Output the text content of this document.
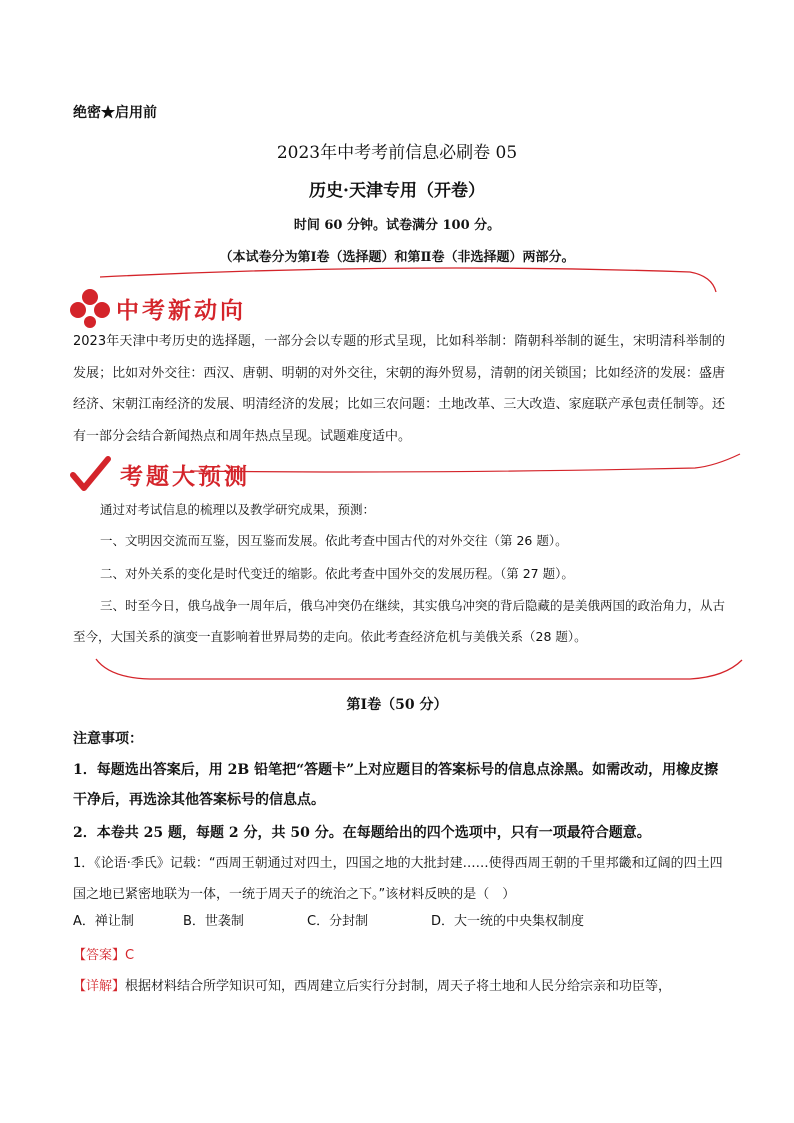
绝密★启用前
2023年中考考前信息必刷卷 05
历史·天津专用（开卷）
时间 60 分钟。试卷满分 100 分。
（本试卷分为第Ⅰ卷（选择题）和第Ⅱ卷（非选择题）两部分。
中考新动向
2023年天津中考历史的选择题，一部分会以专题的形式呈现，比如科举制：隋朝科举制的诞生，宋明清科举制的发展；比如对外交往：西汉、唐朝、明朝的对外交往，宋朝的海外贸易，清朝的闭关锁国；比如经济的发展：盛唐经济、宋朝江南经济的发展、明清经济的发展；比如三农问题：土地改革、三大改造、家庭联产承包责任制等。还有一部分会结合新闻热点和周年热点呈现。试题难度适中。
考题大预测
通过对考试信息的梳理以及教学研究成果，预测：
一、文明因交流而互鉴，因互鉴而发展。依此考查中国古代的对外交往（第 26 题）。
二、对外关系的变化是时代变迁的缩影。依此考查中国外交的发展历程。（第 27 题）。
三、时至今日，俄乌战争一周年后，俄乌冲突仍在继续，其实俄乌冲突的背后隐藏的是美俄两国的政治角力，从古至今，大国关系的演变一直影响着世界局势的走向。依此考查经济危机与美俄关系（28 题）。
第Ⅰ卷（50 分）
注意事项：
1．每题选出答案后，用 2B 铅笔把“答题卡”上对应题目的答案标号的信息点涂黑。如需改动，用橡皮擦干净后，再选涂其他答案标号的信息点。
2．本卷共 25 题，每题 2 分，共 50 分。在每题给出的四个选项中，只有一项最符合题意。
1．《论语·季氏》记载：“西周王朝通过对四土，四国之地的大批封建……使得西周王朝的千里邦畿和辽阔的四土四国之地已紧密地联为一体，一统于周天子的统治之下。”该材料反映的是（　）
A．禅让制	B．世袭制	C．分封制	D．大一统的中央集权制度
【答案】C
【详解】根据材料结合所学知识可知，西周建立后实行分封制，周天子将土地和人民分给宗亲和功臣等，
